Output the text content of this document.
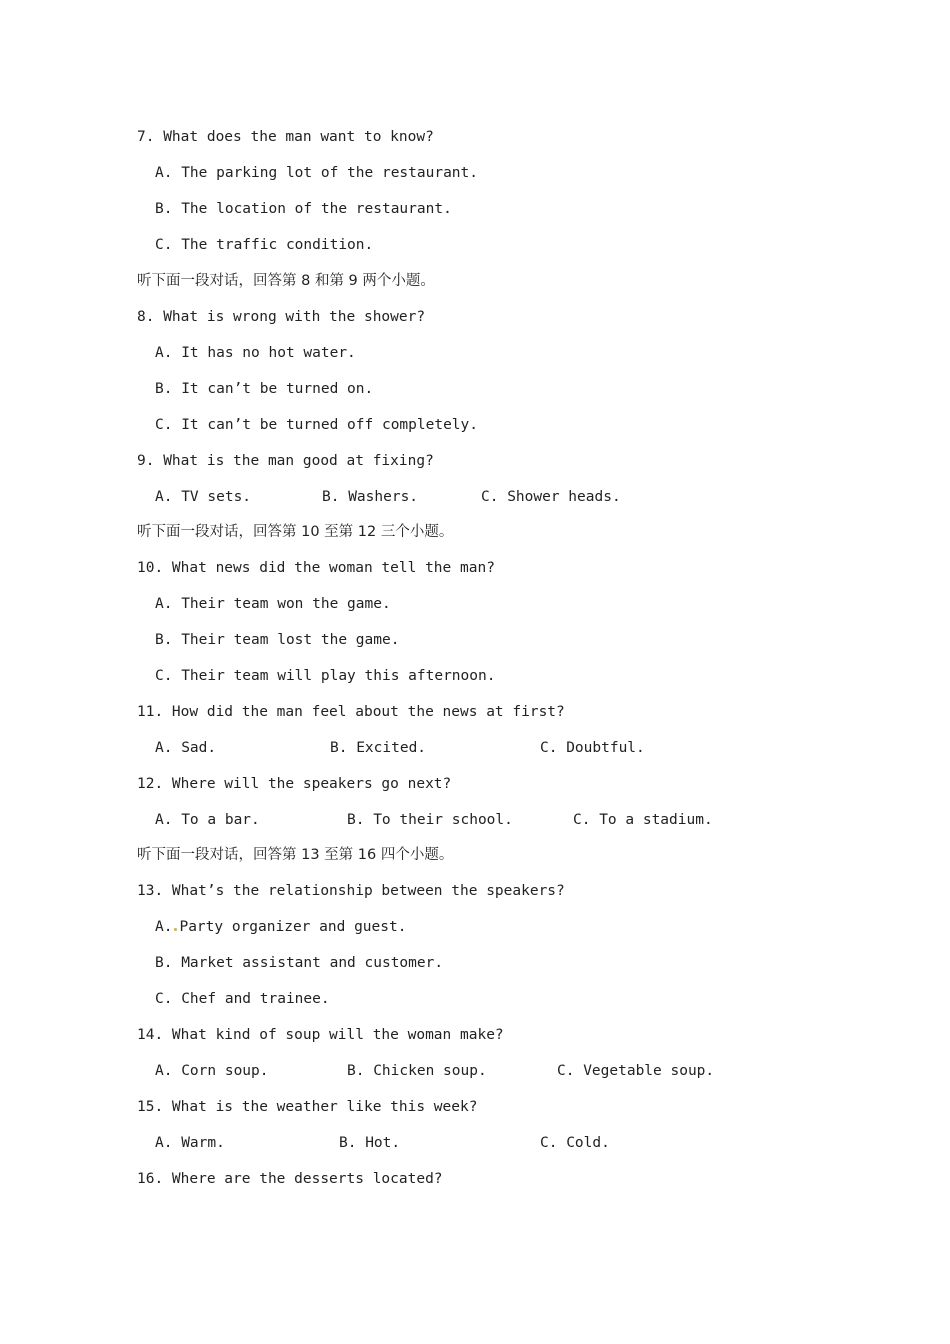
7. What does the man want to know?
A. The parking lot of the restaurant.
B. The location of the restaurant.
C. The traffic condition.
听下面一段对话，回答第 8 和第 9 两个小题。
8. What is wrong with the shower?
A. It has no hot water.
B. It can’t be turned on.
C. It can’t be turned off completely.
9. What is the man good at fixing?
A. TV sets.	B. Washers.	C. Shower heads.
听下面一段对话，回答第 10 至第 12 三个小题。
10. What news did the woman tell the man?
A. Their team won the game.
B. Their team lost the game.
C. Their team will play this afternoon.
11. How did the man feel about the news at first?
A. Sad.	B. Excited.	C. Doubtful.
12. Where will the speakers go next?
A. To a bar.	B. To their school.	C. To a stadium.
听下面一段对话，回答第 13 至第 16 四个小题。
13. What’s the relationship between the speakers?
A. Party organizer and guest.
B. Market assistant and customer.
C. Chef and trainee.
14. What kind of soup will the woman make?
A. Corn soup.	B. Chicken soup.	C. Vegetable soup.
15. What is the weather like this week?
A. Warm.	B. Hot.	C. Cold.
16. Where are the desserts located?
